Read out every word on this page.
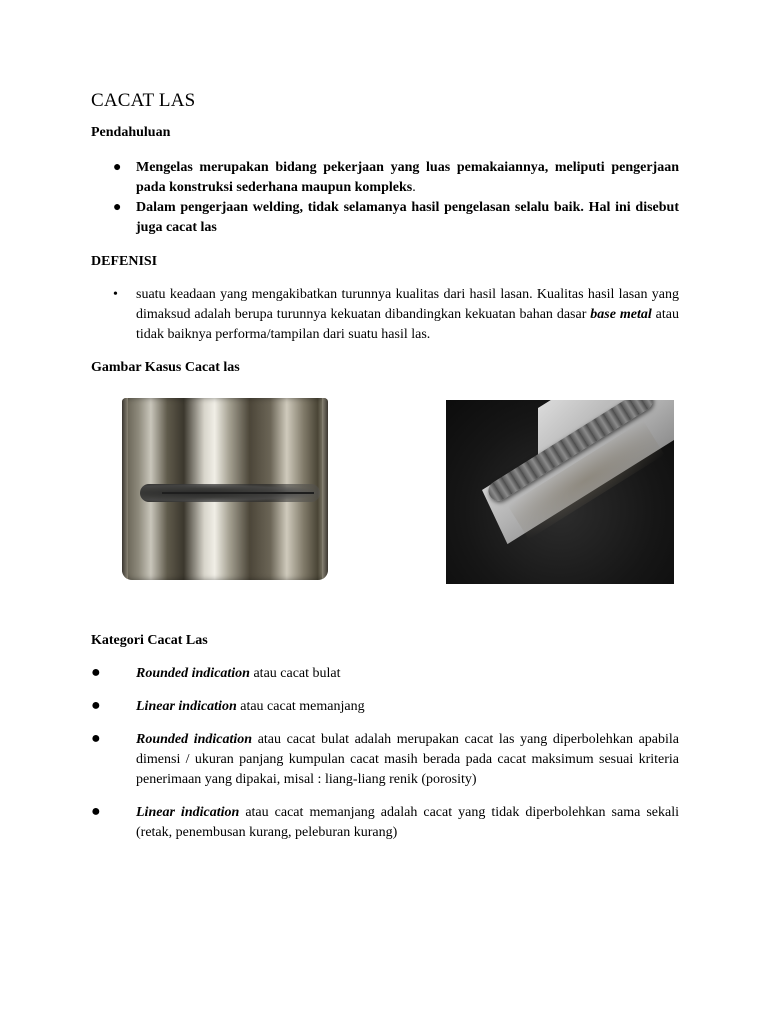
CACAT LAS

Pendahuluan

● Mengelas merupakan bidang pekerjaan yang luas pemakaiannya, meliputi pengerjaan pada konstruksi sederhana maupun kompleks.
● Dalam pengerjaan welding, tidak selamanya hasil pengelasan selalu baik. Hal ini disebut juga cacat las

DEFENISI

• suatu keadaan yang mengakibatkan turunnya kualitas dari hasil lasan. Kualitas hasil lasan yang dimaksud adalah berupa turunnya kekuatan dibandingkan kekuatan bahan dasar base metal atau tidak baiknya performa/tampilan dari suatu hasil las.

Gambar Kasus Cacat las

Kategori Cacat Las

●	Rounded indication atau cacat bulat
●	Linear indication atau cacat memanjang
●	Rounded indication atau cacat bulat adalah merupakan cacat las yang diperbolehkan apabila dimensi / ukuran panjang kumpulan cacat masih berada pada cacat maksimum sesuai kriteria penerimaan yang dipakai, misal : liang-liang renik (porosity)
●	Linear indication atau cacat memanjang adalah cacat yang tidak diperbolehkan sama sekali (retak, penembusan kurang, peleburan kurang)
